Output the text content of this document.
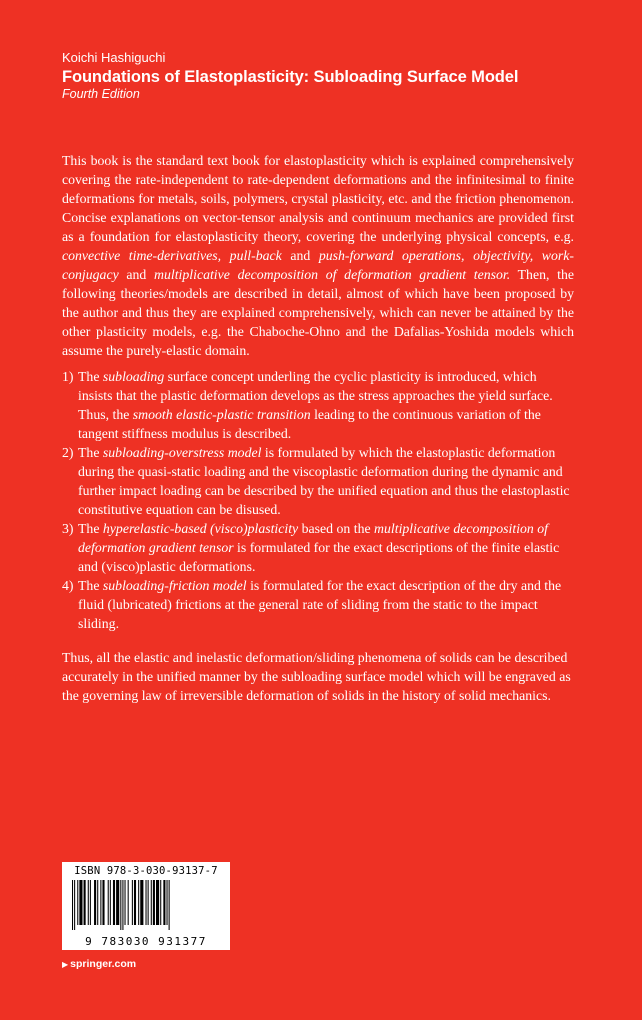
Koichi Hashiguchi

Foundations of Elastoplasticity: Subloading Surface Model

Fourth Edition

This book is the standard text book for elastoplasticity which is explained comprehensively covering the rate-independent to rate-dependent deformations and the infinitesimal to finite deformations for metals, soils, polymers, crystal plasticity, etc. and the friction phenomenon. Concise explanations on vector-tensor analysis and continuum mechanics are provided first as a foundation for elastoplasticity theory, covering the underlying physical concepts, e.g. convective time-derivatives, pull-back and push-forward operations, objectivity, work-conjugacy and multiplicative decomposition of deformation gradient tensor. Then, the following theories/models are described in detail, almost of which have been proposed by the author and thus they are explained comprehensively, which can never be attained by the other plasticity models, e.g. the Chaboche-Ohno and the Dafalias-Yoshida models which assume the purely-elastic domain.

1) The subloading surface concept underling the cyclic plasticity is introduced, which insists that the plastic deformation develops as the stress approaches the yield surface. Thus, the smooth elastic-plastic transition leading to the continuous variation of the tangent stiffness modulus is described.
2) The subloading-overstress model is formulated by which the elastoplastic deformation during the quasi-static loading and the viscoplastic deformation during the dynamic and further impact loading can be described by the unified equation and thus the elastoplastic constitutive equation can be disused.
3) The hyperelastic-based (visco)plasticity based on the multiplicative decomposition of deformation gradient tensor is formulated for the exact descriptions of the finite elastic and (visco)plastic deformations.
4) The subloading-friction model is formulated for the exact description of the dry and the fluid (lubricated) frictions at the general rate of sliding from the static to the impact sliding.

Thus, all the elastic and inelastic deformation/sliding phenomena of solids can be described accurately in the unified manner by the subloading surface model which will be engraved as the governing law of irreversible deformation of solids in the history of solid mechanics.

ISBN 978-3-030-93137-7
9 783030 931377
▶ springer.com
